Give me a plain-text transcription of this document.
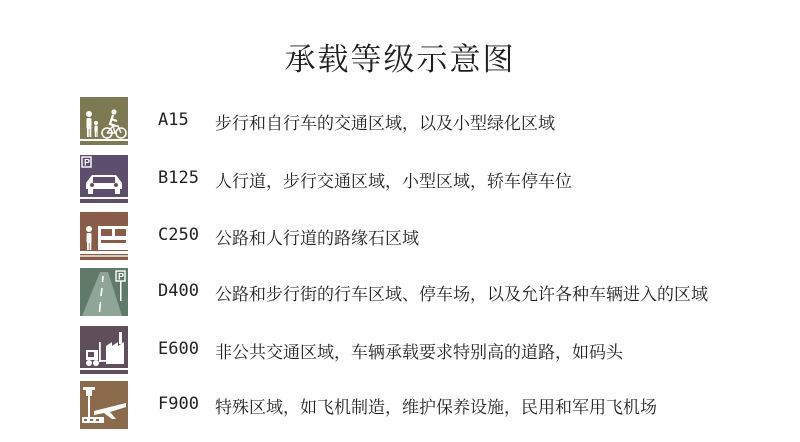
承载等级示意图
A15 步行和自行车的交通区域，以及小型绿化区域
P
B125 人行道，步行交通区域，小型区域，轿车停车位
C250 公路和人行道的路缘石区域
P
D400 公路和步行街的行车区域、停车场，以及允许各种车辆进入的区域
E600 非公共交通区域，车辆承载要求特别高的道路，如码头
F900 特殊区域，如飞机制造，维护保养设施，民用和军用飞机场
